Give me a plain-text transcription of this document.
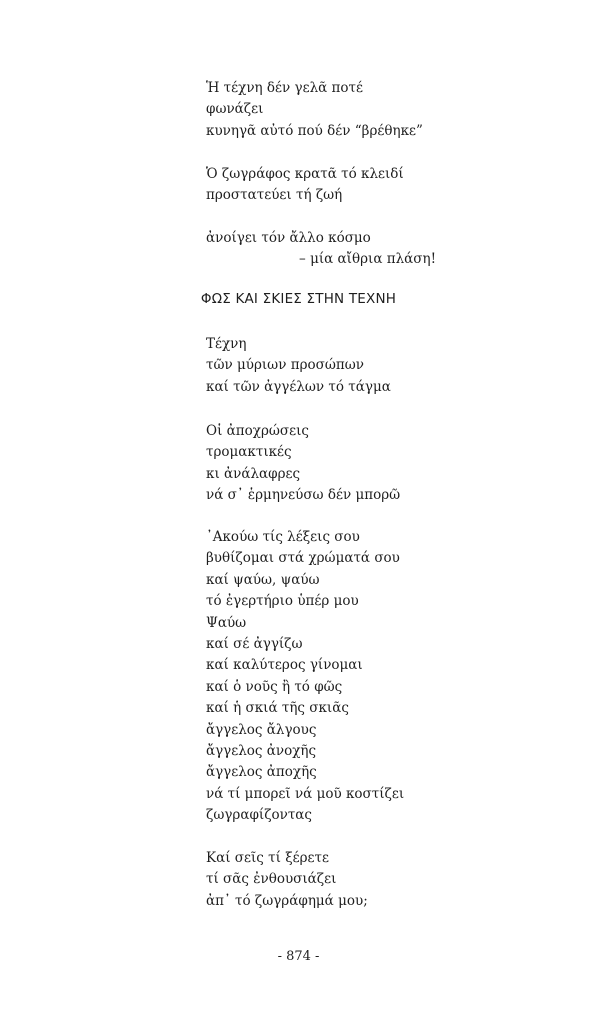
Ἡ τέχνη δέν γελᾶ ποτέ
φωνάζει
κυνηγᾶ αὐτό πού δέν “βρέθηκε”
Ὁ ζωγράφος κρατᾶ τό κλειδί
προστατεύει τή ζωή
ἀνοίγει τόν ἄλλο κόσμο
– μία αἴθρια πλάση!
ΦΩΣ ΚΑΙ ΣΚΙΕΣ ΣΤΗΝ ΤΕΧΝΗ
Τέχνη
τῶν μύριων προσώπων
καί τῶν ἀγγέλων τό τάγμα
Οἱ ἀποχρώσεις
τρομακτικές
κι ἀνάλαφρες
νά σ᾽ ἑρμηνεύσω δέν μπορῶ
᾽Ακούω τίς λέξεις σου
βυθίζομαι στά χρώματά σου
καί ψαύω, ψαύω
τό ἐγερτήριο ὑπέρ μου
Ψαύω
καί σέ ἀγγίζω
καί καλύτερος γίνομαι
καί ὁ νοῦς ἢ τό φῶς
καί ἡ σκιά τῆς σκιᾶς
ἄγγελος ἄλγους
ἄγγελος ἀνοχῆς
ἄγγελος ἀποχῆς
νά τί μπορεῖ νά μοῦ κοστίζει
ζωγραφίζοντας
Καί σεῖς τί ξέρετε
τί σᾶς ἐνθουσιάζει
ἀπ᾽ τό ζωγράφημά μου;
- 874 -
